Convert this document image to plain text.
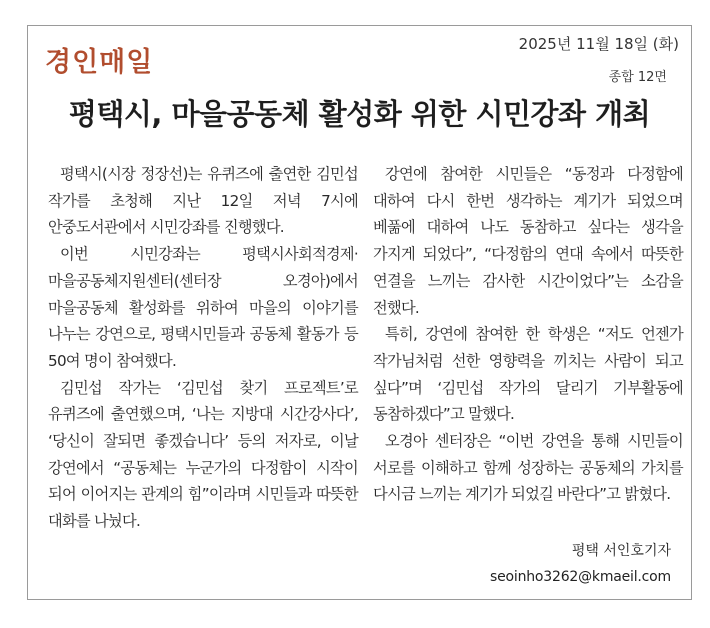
경인매일
2025년 11월 18일 (화)
종합 12면
평택시, 마을공동체 활성화 위한 시민강좌 개최

평택시(시장 정장선)는 유퀴즈에 출연한 김민섭 작가를 초청해 지난 12일 저녁 7시에 안중도서관에서 시민강좌를 진행했다.

이번 시민강좌는 평택시사회적경제·마을공동체지원센터(센터장 오경아)에서 마을공동체 활성화를 위하여 마을의 이야기를 나누는 강연으로, 평택시민들과 공동체 활동가 등 50여 명이 참여했다.

김민섭 작가는 ‘김민섭 찾기 프로젝트’로 유퀴즈에 출연했으며, ‘나는 지방대 시간강사다’, ‘당신이 잘되면 좋겠습니다’ 등의 저자로, 이날 강연에서 “공동체는 누군가의 다정함이 시작이 되어 이어지는 관계의 힘”이라며 시민들과 따뜻한 대화를 나눴다.

강연에 참여한 시민들은 “동정과 다정함에 대하여 다시 한번 생각하는 계기가 되었으며 베풂에 대하여 나도 동참하고 싶다는 생각을 가지게 되었다”, “다정함의 연대 속에서 따뜻한 연결을 느끼는 감사한 시간이었다”는 소감을 전했다.

특히, 강연에 참여한 한 학생은 “저도 언젠가 작가님처럼 선한 영향력을 끼치는 사람이 되고 싶다”며 ‘김민섭 작가의 달리기 기부활동에 동참하겠다”고 말했다.

오경아 센터장은 “이번 강연을 통해 시민들이 서로를 이해하고 함께 성장하는 공동체의 가치를 다시금 느끼는 계기가 되었길 바란다”고 밝혔다.

평택 서인호기자
seoinho3262@kmaeil.com
